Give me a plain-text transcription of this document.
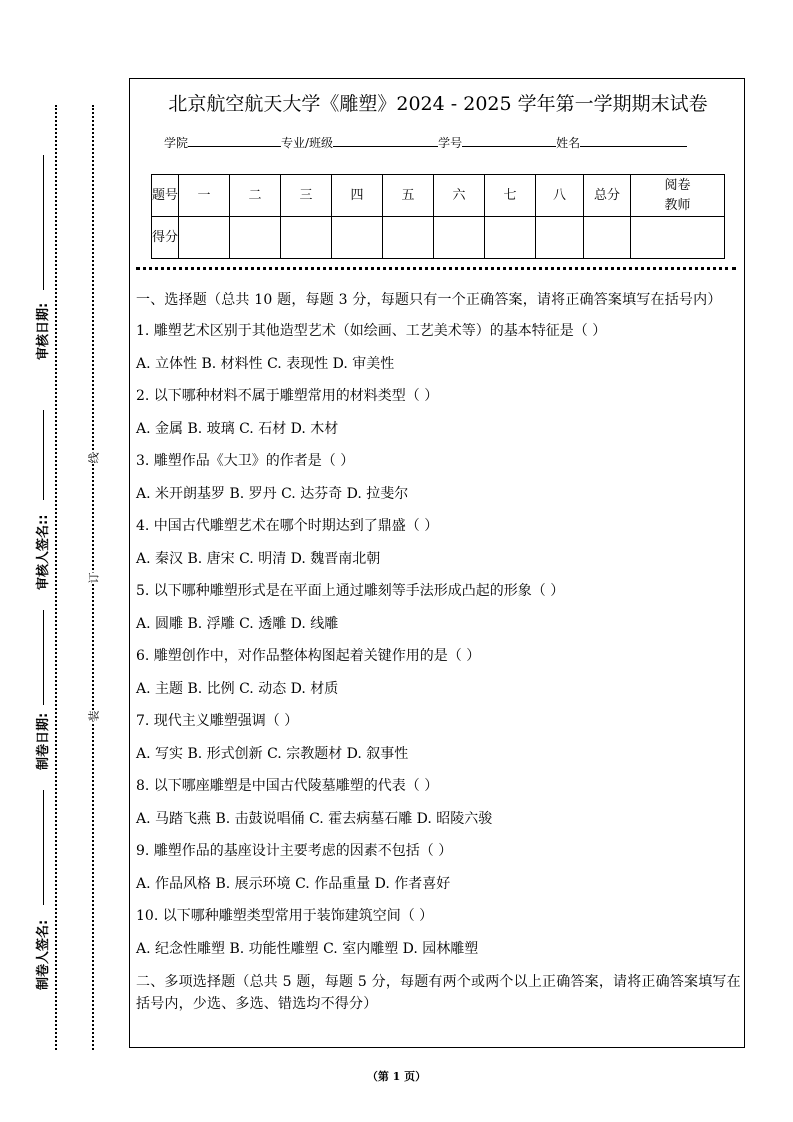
审核日期:
审核人签名::
制卷日期:
制卷人签名:
线
订
装
北京航空航天大学《雕塑》2024 - 2025 学年第一学期期末试卷
学院	专业/班级	学号	姓名
题号	一	二	三	四	五	六	七	八	总分	阅卷教师
得分										

一、选择题（总共 10 题，每题 3 分，每题只有一个正确答案，请将正确答案填写在括号内）

1. 雕塑艺术区别于其他造型艺术（如绘画、工艺美术等）的基本特征是（ ）

A. 立体性 B. 材料性 C. 表现性 D. 审美性

2. 以下哪种材料不属于雕塑常用的材料类型（ ）

A. 金属 B. 玻璃 C. 石材 D. 木材

3. 雕塑作品《大卫》的作者是（ ）

A. 米开朗基罗 B. 罗丹 C. 达芬奇 D. 拉斐尔

4. 中国古代雕塑艺术在哪个时期达到了鼎盛（ ）

A. 秦汉 B. 唐宋 C. 明清 D. 魏晋南北朝

5. 以下哪种雕塑形式是在平面上通过雕刻等手法形成凸起的形象（ ）

A. 圆雕 B. 浮雕 C. 透雕 D. 线雕

6. 雕塑创作中，对作品整体构图起着关键作用的是（ ）

A. 主题 B. 比例 C. 动态 D. 材质

7. 现代主义雕塑强调（ ）

A. 写实 B. 形式创新 C. 宗教题材 D. 叙事性

8. 以下哪座雕塑是中国古代陵墓雕塑的代表（ ）

A. 马踏飞燕 B. 击鼓说唱俑 C. 霍去病墓石雕 D. 昭陵六骏

9. 雕塑作品的基座设计主要考虑的因素不包括（ ）

A. 作品风格 B. 展示环境 C. 作品重量 D. 作者喜好

10. 以下哪种雕塑类型常用于装饰建筑空间（ ）

A. 纪念性雕塑 B. 功能性雕塑 C. 室内雕塑 D. 园林雕塑

二、多项选择题（总共 5 题，每题 5 分，每题有两个或两个以上正确答案，请将正确答案填写在括号内，少选、多选、错选均不得分）

（第 1 页）
